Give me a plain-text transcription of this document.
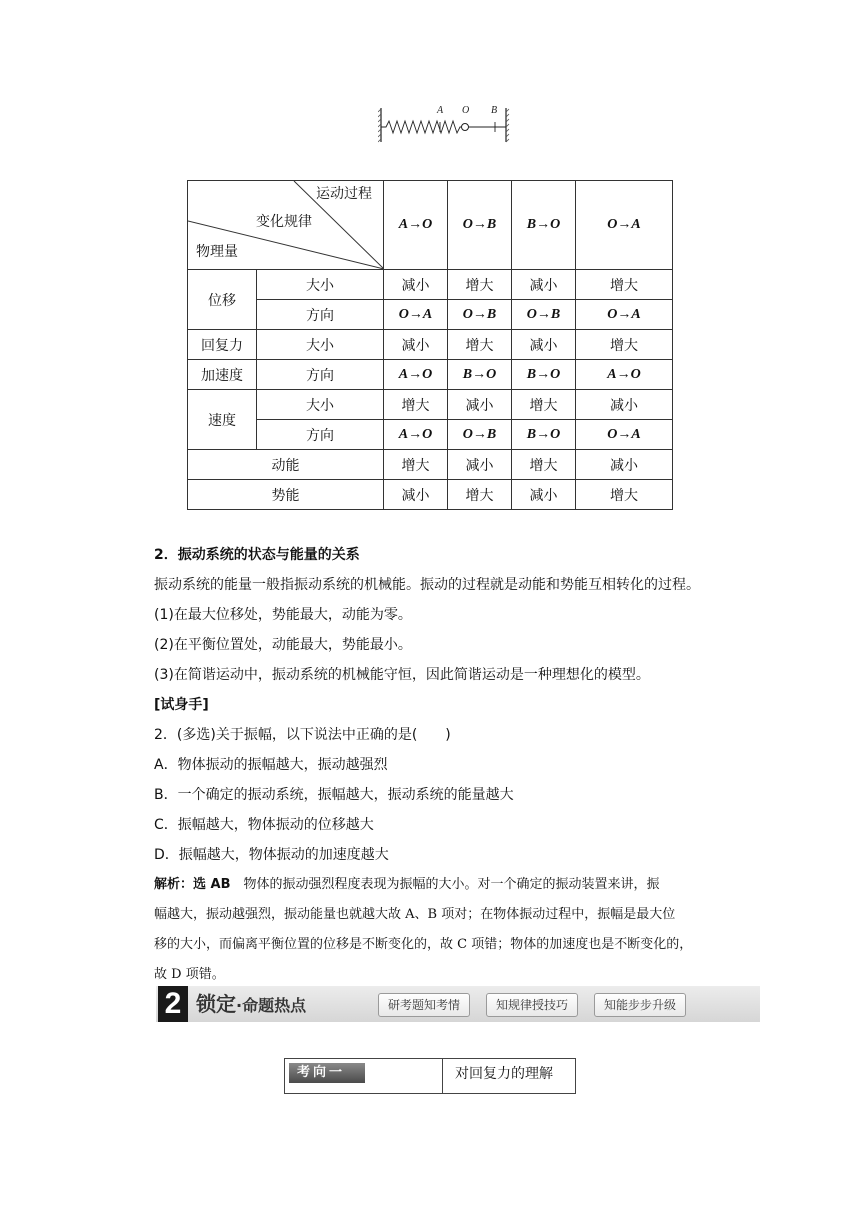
A O B
运动过程
变化规律
物理量		A→O	O→B	B→O	O→A
位移	大小	减小	增大	减小	增大
	方向	O→A	O→B	O→B	O→A
回复力	大小	减小	增大	减小	增大
加速度	方向	A→O	B→O	B→O	A→O
速度	大小	增大	减小	增大	减小
	方向	A→O	O→B	B→O	O→A
动能		增大	减小	增大	减小
势能		减小	增大	减小	增大
2．振动系统的状态与能量的关系
振动系统的能量一般指振动系统的机械能。振动的过程就是动能和势能互相转化的过程。
(1)在最大位移处，势能最大，动能为零。
(2)在平衡位置处，动能最大，势能最小。
(3)在简谐运动中，振动系统的机械能守恒，因此简谐运动是一种理想化的模型。
[试身手]
2．(多选)关于振幅，以下说法中正确的是(　　)
A．物体振动的振幅越大，振动越强烈
B．一个确定的振动系统，振幅越大，振动系统的能量越大
C．振幅越大，物体振动的位移越大
D．振幅越大，物体振动的加速度越大
解析：选 AB　物体的振动强烈程度表现为振幅的大小。对一个确定的振动装置来讲，振
幅越大，振动越强烈，振动能量也就越大故 A、B 项对；在物体振动过程中，振幅是最大位
移的大小，而偏离平衡位置的位移是不断变化的，故 C 项错；物体的加速度也是不断变化的，
故 D 项错。
2 锁定·命题热点	研考题知考情	知规律授技巧	知能步步升级
考向一	对回复力的理解
